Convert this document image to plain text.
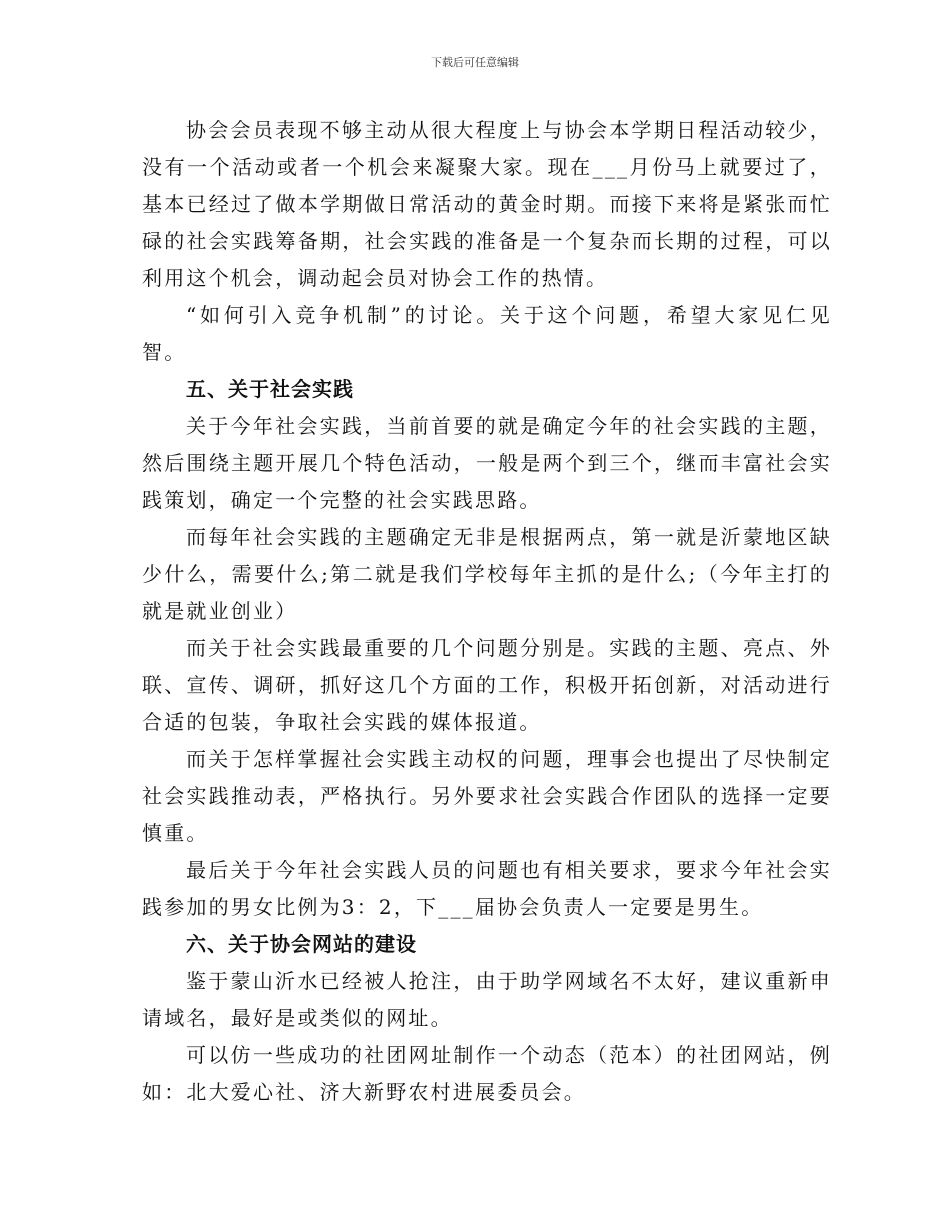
下载后可任意编辑

协会会员表现不够主动从很大程度上与协会本学期日程活动较少，没有一个活动或者一个机会来凝聚大家。现在___月份马上就要过了，基本已经过了做本学期做日常活动的黄金时期。而接下来将是紧张而忙碌的社会实践筹备期，社会实践的准备是一个复杂而长期的过程，可以利用这个机会，调动起会员对协会工作的热情。

“如何引入竞争机制”的讨论。关于这个问题，希望大家见仁见智。

五、关于社会实践

关于今年社会实践，当前首要的就是确定今年的社会实践的主题，然后围绕主题开展几个特色活动，一般是两个到三个，继而丰富社会实践策划，确定一个完整的社会实践思路。

而每年社会实践的主题确定无非是根据两点，第一就是沂蒙地区缺少什么，需要什么;第二就是我们学校每年主抓的是什么;（今年主打的就是就业创业）

而关于社会实践最重要的几个问题分别是。实践的主题、亮点、外联、宣传、调研，抓好这几个方面的工作，积极开拓创新，对活动进行合适的包装，争取社会实践的媒体报道。

而关于怎样掌握社会实践主动权的问题，理事会也提出了尽快制定社会实践推动表，严格执行。另外要求社会实践合作团队的选择一定要慎重。

最后关于今年社会实践人员的问题也有相关要求，要求今年社会实践参加的男女比例为3：2，下___届协会负责人一定要是男生。

六、关于协会网站的建设

鉴于蒙山沂水已经被人抢注，由于助学网域名不太好，建议重新申请域名，最好是或类似的网址。

可以仿一些成功的社团网址制作一个动态（范本）的社团网站，例如：北大爱心社、济大新野农村进展委员会。
